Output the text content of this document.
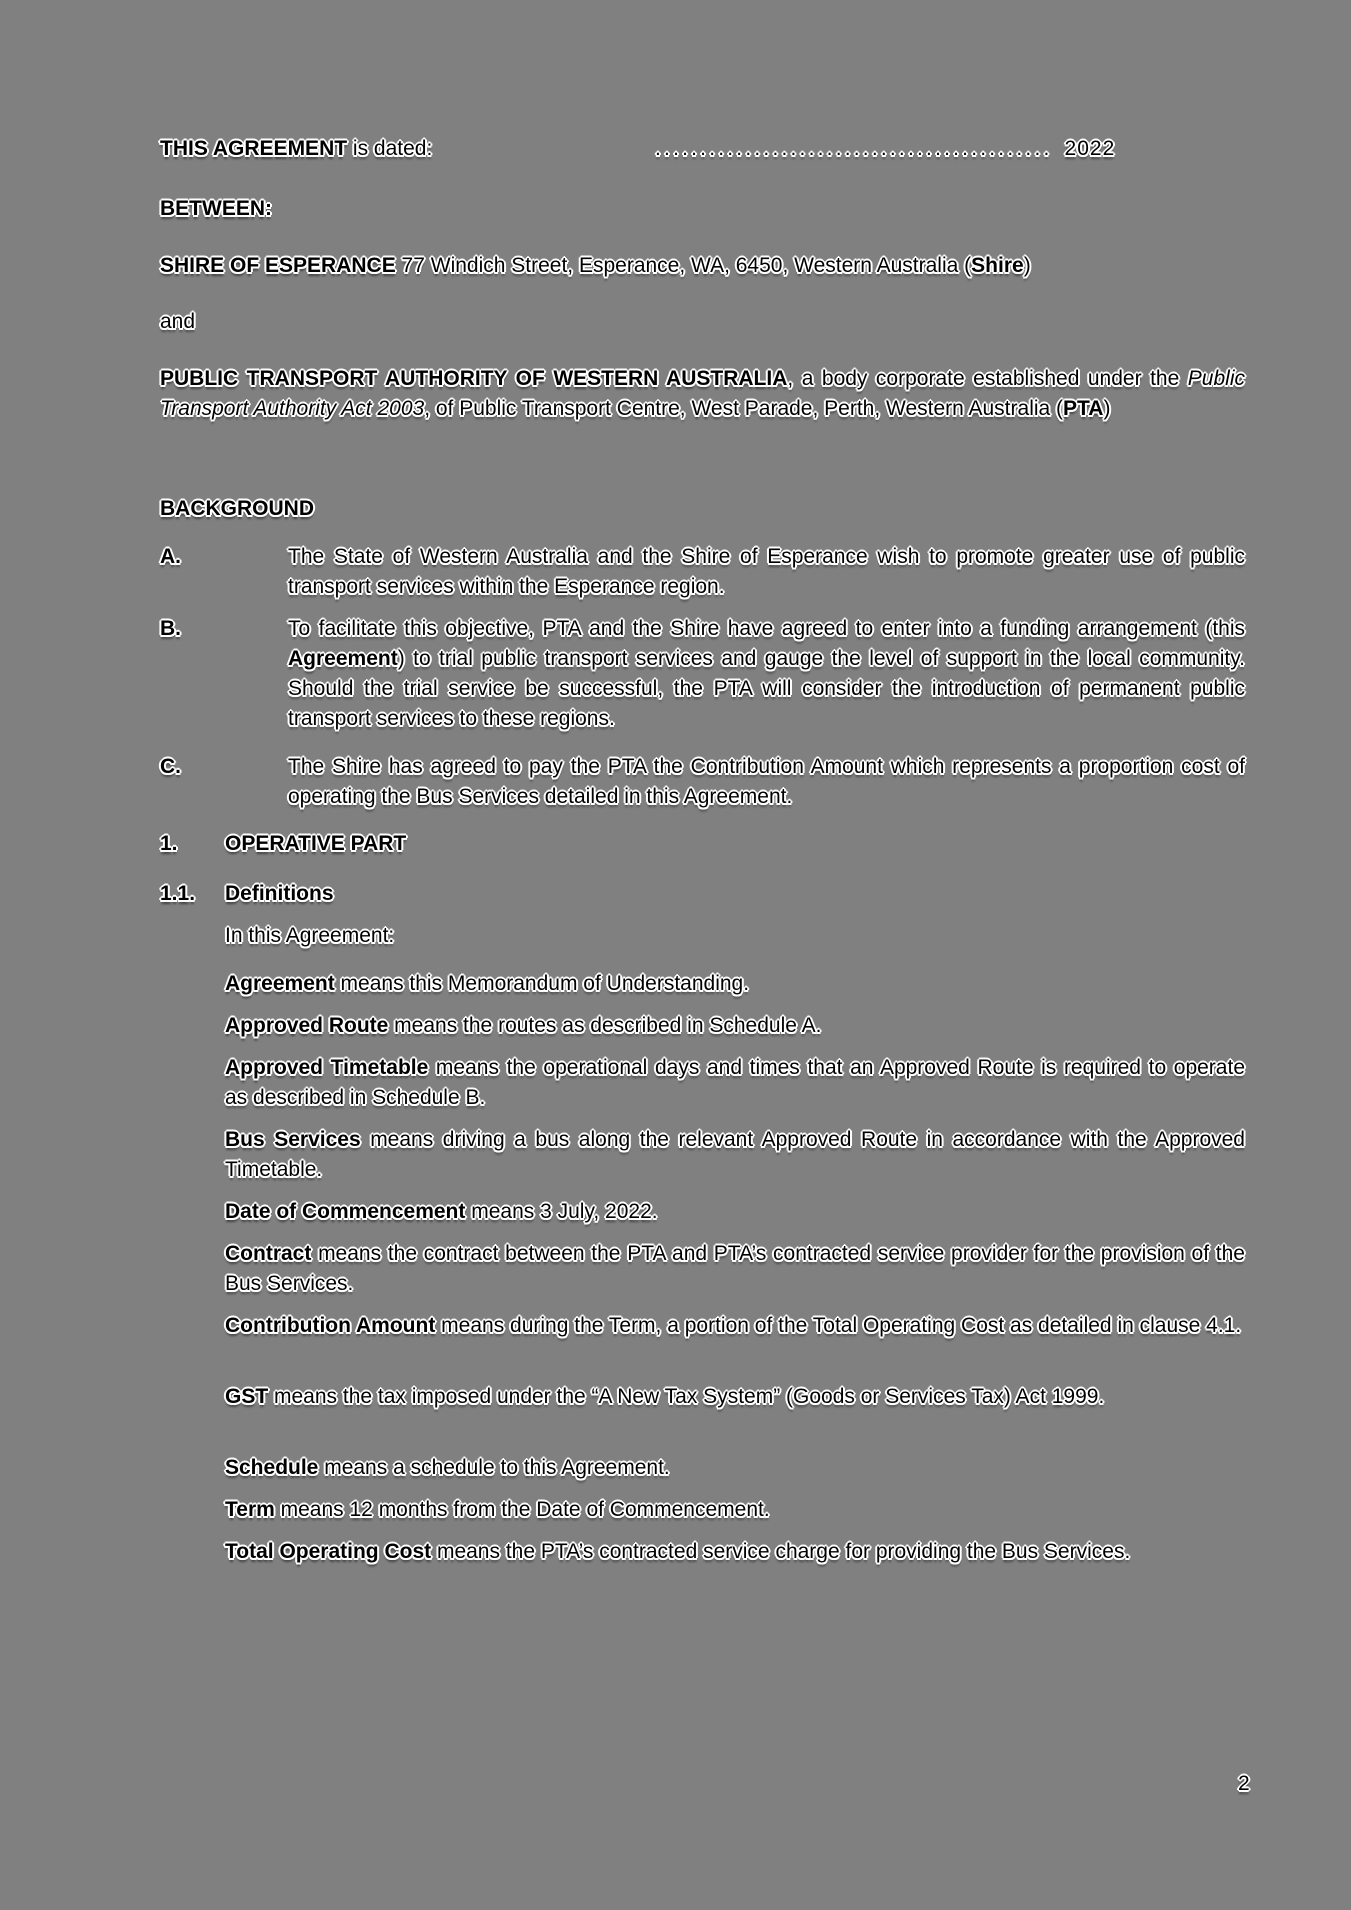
THIS AGREEMENT is dated:	............................................ 2022
BETWEEN:
SHIRE OF ESPERANCE 77 Windich Street, Esperance, WA, 6450, Western Australia (Shire)
and
PUBLIC TRANSPORT AUTHORITY OF WESTERN AUSTRALIA, a body corporate established under the Public Transport Authority Act 2003, of Public Transport Centre, West Parade, Perth, Western Australia (PTA)
BACKGROUND
A.	The State of Western Australia and the Shire of Esperance wish to promote greater use of public transport services within the Esperance region.
B.	To facilitate this objective, PTA and the Shire have agreed to enter into a funding arrangement (this Agreement) to trial public transport services and gauge the level of support in the local community. Should the trial service be successful, the PTA will consider the introduction of permanent public transport services to these regions.
C.	The Shire has agreed to pay the PTA the Contribution Amount which represents a proportion cost of operating the Bus Services detailed in this Agreement.
1. OPERATIVE PART
1.1. Definitions
In this Agreement:
Agreement means this Memorandum of Understanding.
Approved Route means the routes as described in Schedule A.
Approved Timetable means the operational days and times that an Approved Route is required to operate as described in Schedule B.
Bus Services means driving a bus along the relevant Approved Route in accordance with the Approved Timetable.
Date of Commencement means 3 July, 2022.
Contract means the contract between the PTA and PTA’s contracted service provider for the provision of the Bus Services.
Contribution Amount means during the Term, a portion of the Total Operating Cost as detailed in clause 4.1.
GST means the tax imposed under the “A New Tax System” (Goods or Services Tax) Act 1999.
Schedule means a schedule to this Agreement.
Term means 12 months from the Date of Commencement.
Total Operating Cost means the PTA’s contracted service charge for providing the Bus Services.
2
